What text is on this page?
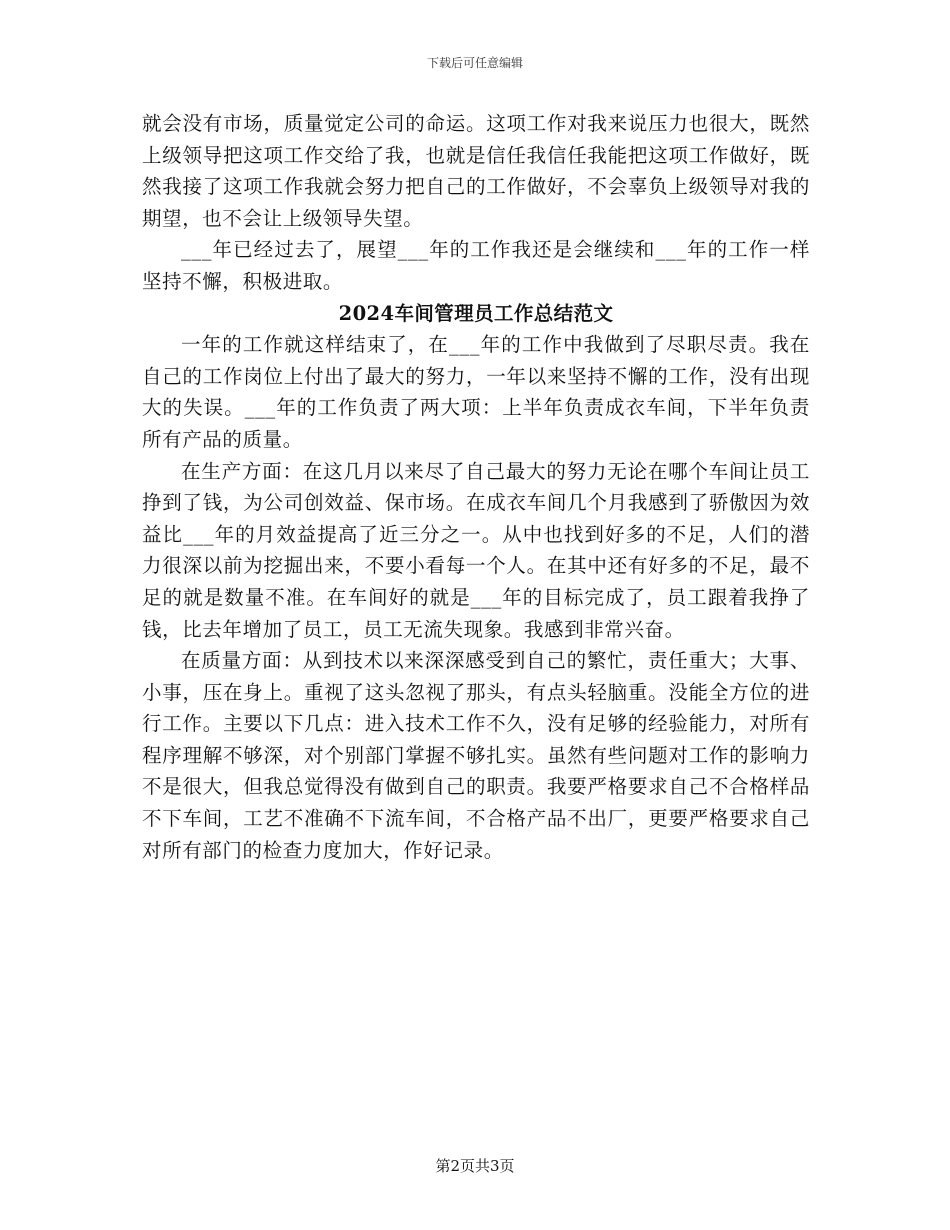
下载后可任意编辑

就会没有市场，质量觉定公司的命运。这项工作对我来说压力也很大，既然上级领导把这项工作交给了我，也就是信任我信任我能把这项工作做好，既然我接了这项工作我就会努力把自己的工作做好，不会辜负上级领导对我的期望，也不会让上级领导失望。

___年已经过去了，展望___年的工作我还是会继续和___年的工作一样坚持不懈，积极进取。

2024车间管理员工作总结范文

一年的工作就这样结束了，在___年的工作中我做到了尽职尽责。我在自己的工作岗位上付出了最大的努力，一年以来坚持不懈的工作，没有出现大的失误。___年的工作负责了两大项：上半年负责成衣车间，下半年负责所有产品的质量。

在生产方面：在这几月以来尽了自己最大的努力无论在哪个车间让员工挣到了钱，为公司创效益、保市场。在成衣车间几个月我感到了骄傲因为效益比___年的月效益提高了近三分之一。从中也找到好多的不足，人们的潜力很深以前为挖掘出来，不要小看每一个人。在其中还有好多的不足，最不足的就是数量不准。在车间好的就是___年的目标完成了，员工跟着我挣了钱，比去年增加了员工，员工无流失现象。我感到非常兴奋。

在质量方面：从到技术以来深深感受到自己的繁忙，责任重大；大事、小事，压在身上。重视了这头忽视了那头，有点头轻脑重。没能全方位的进行工作。主要以下几点：进入技术工作不久，没有足够的经验能力，对所有程序理解不够深，对个别部门掌握不够扎实。虽然有些问题对工作的影响力不是很大，但我总觉得没有做到自己的职责。我要严格要求自己不合格样品不下车间，工艺不准确不下流车间，不合格产品不出厂，更要严格要求自己对所有部门的检查力度加大，作好记录。

第2页共3页
